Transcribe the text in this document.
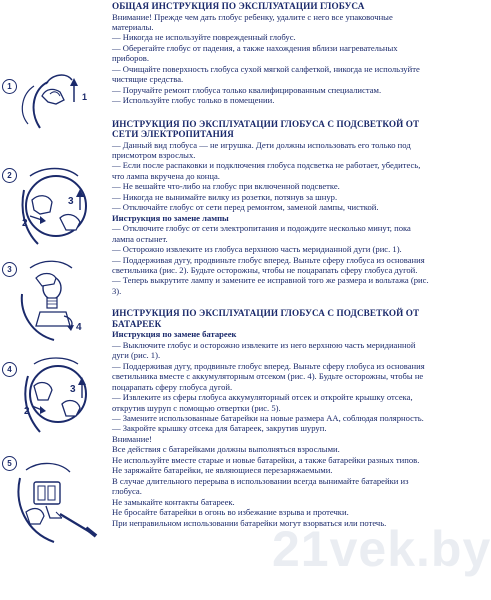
1
1
2
2
3
3
4
4
2
3
5
ОБЩАЯ ИНСТРУКЦИЯ ПО ЭКСПЛУАТАЦИИ ГЛОБУСА

Внимание! Прежде чем дать глобус ребенку, удалите с него все упаковочные материалы.

— Никогда не используйте поврежденный глобус.

— Оберегайте глобус от падения, а также нахождения вблизи нагревательных приборов.

— Очищайте поверхность глобуса сухой мягкой салфеткой, никогда не используйте чистящие средства.

— Поручайте ремонт глобуса только квалифицированным специалистам.

— Используйте глобус только в помещении.

ИНСТРУКЦИЯ ПО ЭКСПЛУАТАЦИИ ГЛОБУСА С ПОДСВЕТКОЙ ОТ СЕТИ ЭЛЕКТРОПИТАНИЯ

— Данный вид глобуса — не игрушка. Дети должны использовать его только под присмотром взрослых.

— Если после распаковки и подключения глобуса подсветка не работает, убедитесь, что лампа вкручена до конца.

— Не вешайте что-либо на глобус при включенной подсветке.

— Никогда не вынимайте вилку из розетки, потянув за шнур.

— Отключайте глобус от сети перед ремонтом, заменой лампы, чисткой.

Инструкция по замене лампы

— Отключите глобус от сети электропитания и подождите несколько минут, пока лампа остынет.

— Осторожно извлеките из глобуса верхнюю часть меридианной дуги (рис. 1).

— Поддерживая дугу, продвиньте глобус вперед. Выньте сферу глобуса из основания светильника (рис. 2). Будьте осторожны, чтобы не поцарапать сферу глобуса дугой.

— Теперь выкрутите лампу и замените ее исправной того же размера и вольтажа (рис. 3).

ИНСТРУКЦИЯ ПО ЭКСПЛУАТАЦИИ ГЛОБУСА С ПОДСВЕТКОЙ ОТ БАТАРЕЕК

Инструкция по замене батареек

— Выключите глобус и осторожно извлеките из него верхнюю часть меридианной дуги (рис. 1).

— Поддерживая дугу, продвиньте глобус вперед. Выньте сферу глобуса из основания светильника вместе с аккумуляторным отсеком (рис. 4). Будьте осторожны, чтобы не поцарапать сферу глобуса дугой.

— Извлеките из сферы глобуса аккумуляторный отсек и откройте крышку отсека, открутив шуруп с помощью отвертки (рис. 5).

— Замените использованные батарейки на новые размера АА, соблюдая полярность.

— Закройте крышку отсека для батареек, закрутив шуруп.

Внимание!

Все действия с батарейками должны выполняться взрослыми.

Не используйте вместе старые и новые батарейки, а также батарейки разных типов.

Не заряжайте батарейки, не являющиеся перезаряжаемыми.

В случае длительного перерыва в использовании всегда вынимайте батарейки из глобуса.

Не замыкайте контакты батареек.

Не бросайте батарейки в огонь во избежание взрыва и протечки.

При неправильном использовании батарейки могут взорваться или потечь.

21vek.by
